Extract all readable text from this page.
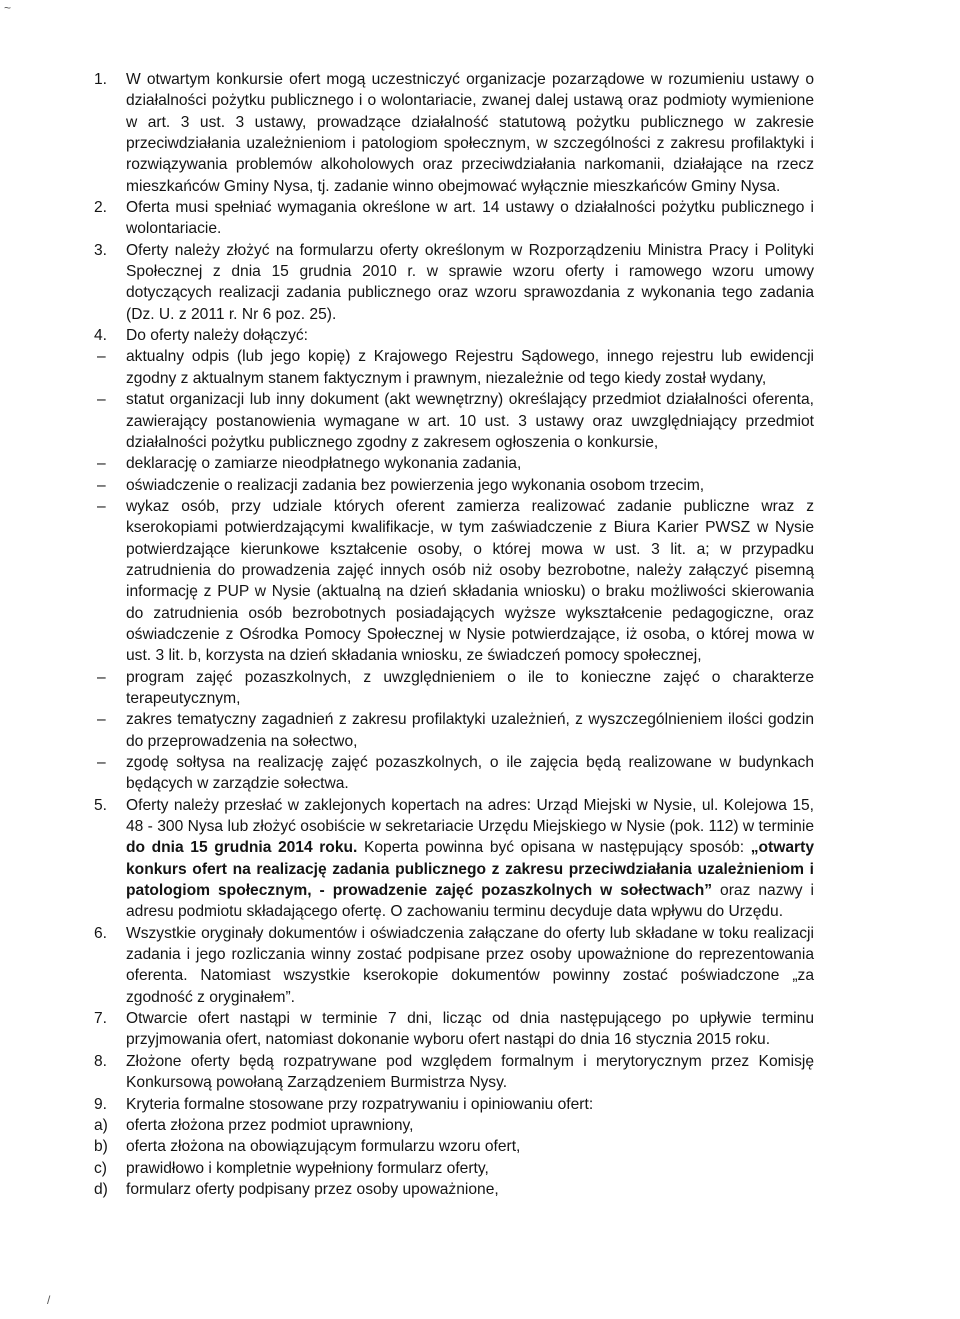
~
/
1. W otwartym konkursie ofert mogą uczestniczyć organizacje pozarządowe w rozumieniu ustawy o działalności pożytku publicznego i o wolontariacie, zwanej dalej ustawą oraz podmioty wymienione w art. 3 ust. 3 ustawy, prowadzące działalność statutową pożytku publicznego w zakresie przeciwdziałania uzależnieniom i patologiom społecznym, w szczególności z zakresu profilaktyki i rozwiązywania problemów alkoholowych oraz przeciwdziałania narkomanii, działające na rzecz mieszkańców Gminy Nysa, tj. zadanie winno obejmować wyłącznie mieszkańców Gminy Nysa.
2. Oferta musi spełniać wymagania określone w art. 14 ustawy o działalności pożytku publicznego i wolontariacie.
3. Oferty należy złożyć na formularzu oferty określonym w Rozporządzeniu Ministra Pracy i Polityki Społecznej z dnia 15 grudnia 2010 r. w sprawie wzoru oferty i ramowego wzoru umowy dotyczących realizacji zadania publicznego oraz wzoru sprawozdania z wykonania tego zadania (Dz. U. z 2011 r. Nr 6 poz. 25).
4. Do oferty należy dołączyć:
– aktualny odpis (lub jego kopię) z Krajowego Rejestru Sądowego, innego rejestru lub ewidencji zgodny z aktualnym stanem faktycznym i prawnym, niezależnie od tego kiedy został wydany,
– statut organizacji lub inny dokument (akt wewnętrzny) określający przedmiot działalności oferenta, zawierający postanowienia wymagane w art. 10 ust. 3 ustawy oraz uwzględniający przedmiot działalności pożytku publicznego zgodny z zakresem ogłoszenia o konkursie,
– deklarację o zamiarze nieodpłatnego wykonania zadania,
– oświadczenie o realizacji zadania bez powierzenia jego wykonania osobom trzecim,
– wykaz osób, przy udziale których oferent zamierza realizować zadanie publiczne wraz z kserokopiami potwierdzającymi kwalifikacje, w tym zaświadczenie z Biura Karier PWSZ w Nysie potwierdzające kierunkowe kształcenie osoby, o której mowa w ust. 3 lit. a; w przypadku zatrudnienia do prowadzenia zajęć innych osób niż osoby bezrobotne, należy załączyć pisemną informację z PUP w Nysie (aktualną na dzień składania wniosku) o braku możliwości skierowania do zatrudnienia osób bezrobotnych posiadających wyższe wykształcenie pedagogiczne, oraz oświadczenie z Ośrodka Pomocy Społecznej w Nysie potwierdzające, iż osoba, o której mowa w ust. 3 lit. b, korzysta na dzień składania wniosku, ze świadczeń pomocy społecznej,
– program zajęć pozaszkolnych, z uwzględnieniem o ile to konieczne zajęć o charakterze terapeutycznym,
– zakres tematyczny zagadnień z zakresu profilaktyki uzależnień, z wyszczególnieniem ilości godzin do przeprowadzenia na sołectwo,
– zgodę sołtysa na realizację zajęć pozaszkolnych, o ile zajęcia będą realizowane w budynkach będących w zarządzie sołectwa.
5. Oferty należy przesłać w zaklejonych kopertach na adres: Urząd Miejski w Nysie, ul. Kolejowa 15, 48 - 300 Nysa lub złożyć osobiście w sekretariacie Urzędu Miejskiego w Nysie (pok. 112) w terminie do dnia 15 grudnia 2014 roku. Koperta powinna być opisana w następujący sposób: „otwarty konkurs ofert na realizację zadania publicznego z zakresu przeciwdziałania uzależnieniom i patologiom społecznym, - prowadzenie zajęć pozaszkolnych w sołectwach” oraz nazwy i adresu podmiotu składającego ofertę. O zachowaniu terminu decyduje data wpływu do Urzędu.
6. Wszystkie oryginały dokumentów i oświadczenia załączane do oferty lub składane w toku realizacji zadania i jego rozliczania winny zostać podpisane przez osoby upoważnione do reprezentowania oferenta. Natomiast wszystkie kserokopie dokumentów powinny zostać poświadczone „za zgodność z oryginałem”.
7. Otwarcie ofert nastąpi w terminie 7 dni, licząc od dnia następującego po upływie terminu przyjmowania ofert, natomiast dokonanie wyboru ofert nastąpi do dnia 16 stycznia 2015 roku.
8. Złożone oferty będą rozpatrywane pod względem formalnym i merytorycznym przez Komisję Konkursową powołaną Zarządzeniem Burmistrza Nysy.
9. Kryteria formalne stosowane przy rozpatrywaniu i opiniowaniu ofert:
a) oferta złożona przez podmiot uprawniony,
b) oferta złożona na obowiązującym formularzu wzoru ofert,
c) prawidłowo i kompletnie wypełniony formularz oferty,
d) formularz oferty podpisany przez osoby upoważnione,
